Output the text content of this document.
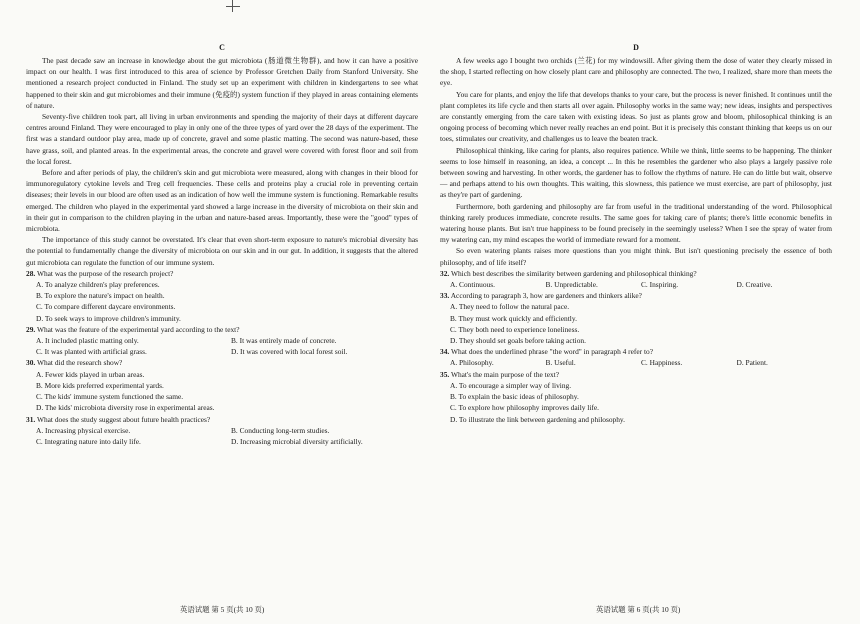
C

The past decade saw an increase in knowledge about the gut microbiota (肠道微生物群), and how it can have a positive impact on our health. I was first introduced to this area of science by Professor Gretchen Daily from Stanford University. She mentioned a research project conducted in Finland. The study set up an experiment with children in kindergartens to see what happened to their skin and gut microbiomes and their immune (免疫的) system function if they played in areas containing elements of nature.

Seventy-five children took part, all living in urban environments and spending the majority of their days at different daycare centres around Finland. They were encouraged to play in only one of the three types of yard over the 28 days of the experiment. The first was a standard outdoor play area, made up of concrete, gravel and some plastic matting. The second was nature-based, these have grass, soil, and planted areas. In the experimental areas, the concrete and gravel were covered with forest floor and soil from the local forest.

Before and after periods of play, the children's skin and gut microbiota were measured, along with changes in their blood for immunoregulatory cytokine levels and Treg cell frequencies. These cells and proteins play a crucial role in preventing certain diseases; their levels in our blood are often used as an indication of how well the immune system is functioning. Remarkable results emerged. The children who played in the experimental yard showed a large increase in the diversity of microbiota on their skin and in their gut in comparison to the children playing in the urban and nature-based areas. Importantly, these were the "good" types of microbiota.

The importance of this study cannot be overstated. It's clear that even short-term exposure to nature's microbial diversity has the potential to fundamentally change the diversity of microbiota on our skin and in our gut. In addition, it suggests that the altered gut microbiota can regulate the function of our immune system.

28. What was the purpose of the research project?
A. To analyze children's play preferences.
B. To explore the nature's impact on health.
C. To compare different daycare environments.
D. To seek ways to improve children's immunity.
29. What was the feature of the experimental yard according to the text?
A. It included plastic matting only.	B. It was entirely made of concrete.
C. It was planted with artificial grass.	D. It was covered with local forest soil.
30. What did the research show?
A. Fewer kids played in urban areas.
B. More kids preferred experimental yards.
C. The kids' immune system functioned the same.
D. The kids' microbiota diversity rose in experimental areas.
31. What does the study suggest about future health practices?
A. Increasing physical exercise.	B. Conducting long-term studies.
C. Integrating nature into daily life.	D. Increasing microbial diversity artificially.
D

A few weeks ago I bought two orchids (兰花) for my windowsill. After giving them the dose of water they clearly missed in the shop, I started reflecting on how closely plant care and philosophy are connected. The two, I realized, share more than meets the eye.

You care for plants, and enjoy the life that develops thanks to your care, but the process is never finished. It continues until the plant completes its life cycle and then starts all over again. Philosophy works in the same way; new ideas, insights and perspectives are constantly emerging from the care taken with existing ideas. So just as plants grow and bloom, philosophical thinking is an ongoing process of becoming which never really reaches an end point. But it is precisely this constant thinking that keeps us on our toes, stimulates our creativity, and challenges us to leave the beaten track.

Philosophical thinking, like caring for plants, also requires patience. While we think, little seems to be happening. The thinker seems to lose himself in reasoning, an idea, a concept ... In this he resembles the gardener who also plays a largely passive role between sowing and harvesting. In other words, the gardener has to follow the rhythms of nature. He can do little but wait, observe — and perhaps attend to his own thoughts. This waiting, this slowness, this patience we must exercise, are part of philosophy, just as they're part of gardening.

Furthermore, both gardening and philosophy are far from useful in the traditional understanding of the word. Philosophical thinking rarely produces immediate, concrete results. The same goes for taking care of plants; there's little economic benefits in watering house plants. But isn't true happiness to be found precisely in the seemingly useless? When I see the spray of water from my watering can, my mind escapes the world of immediate reward for a moment.

So even watering plants raises more questions than you might think. But isn't questioning precisely the essence of both philosophy, and of life itself?

32. Which best describes the similarity between gardening and philosophical thinking?
A. Continuous.	B. Unpredictable.	C. Inspiring.	D. Creative.
33. According to paragraph 3, how are gardeners and thinkers alike?
A. They need to follow the natural pace.
B. They must work quickly and efficiently.
C. They both need to experience loneliness.
D. They should set goals before taking action.
34. What does the underlined phrase "the word" in paragraph 4 refer to?
A. Philosophy.	B. Useful.	C. Happiness.	D. Patient.
35. What's the main purpose of the text?
A. To encourage a simpler way of living.
B. To explain the basic ideas of philosophy.
C. To explore how philosophy improves daily life.
D. To illustrate the link between gardening and philosophy.
英语试题 第 5 页(共 10 页)	英语试题 第 6 页(共 10 页)
